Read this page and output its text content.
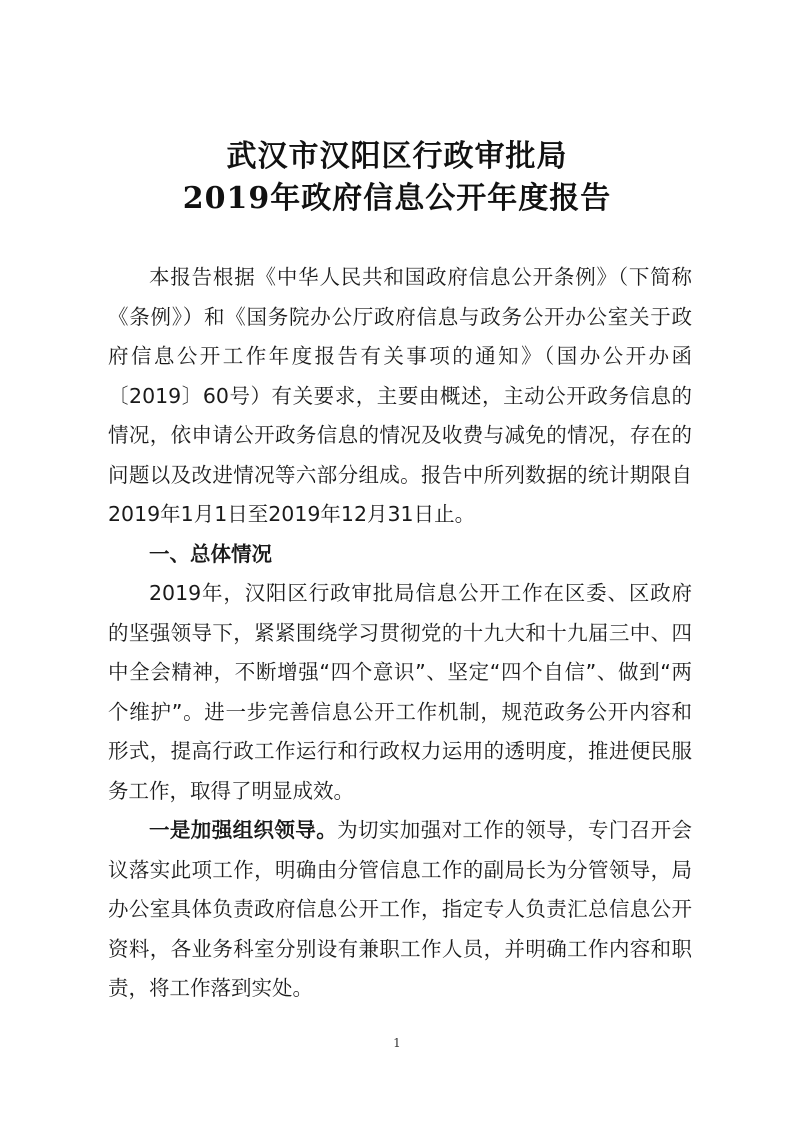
武汉市汉阳区行政审批局
2019年政府信息公开年度报告

本报告根据《中华人民共和国政府信息公开条例》（下简称《条例》）和《国务院办公厅政府信息与政务公开办公室关于政府信息公开工作年度报告有关事项的通知》（国办公开办函〔2019〕60号）有关要求，主要由概述，主动公开政务信息的情况，依申请公开政务信息的情况及收费与减免的情况，存在的问题以及改进情况等六部分组成。报告中所列数据的统计期限自2019年1月1日至2019年12月31日止。

一、总体情况

2019年，汉阳区行政审批局信息公开工作在区委、区政府的坚强领导下，紧紧围绕学习贯彻党的十九大和十九届三中、四中全会精神，不断增强“四个意识”、坚定“四个自信”、做到“两个维护”。进一步完善信息公开工作机制，规范政务公开内容和形式，提高行政工作运行和行政权力运用的透明度，推进便民服务工作，取得了明显成效。

一是加强组织领导。为切实加强对工作的领导，专门召开会议落实此项工作，明确由分管信息工作的副局长为分管领导，局办公室具体负责政府信息公开工作，指定专人负责汇总信息公开资料，各业务科室分别设有兼职工作人员，并明确工作内容和职责，将工作落到实处。

1
